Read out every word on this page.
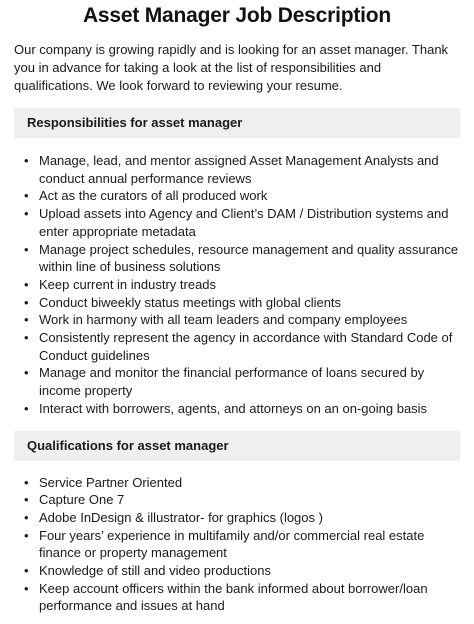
Asset Manager Job Description

Our company is growing rapidly and is looking for an asset manager. Thank you in advance for taking a look at the list of responsibilities and qualifications. We look forward to reviewing your resume.

Responsibilities for asset manager
• Manage, lead, and mentor assigned Asset Management Analysts and conduct annual performance reviews
• Act as the curators of all produced work
• Upload assets into Agency and Client’s DAM / Distribution systems and enter appropriate metadata
• Manage project schedules, resource management and quality assurance within line of business solutions
• Keep current in industry treads
• Conduct biweekly status meetings with global clients
• Work in harmony with all team leaders and company employees
• Consistently represent the agency in accordance with Standard Code of Conduct guidelines
• Manage and monitor the financial performance of loans secured by income property
• Interact with borrowers, agents, and attorneys on an on-going basis
Qualifications for asset manager
• Service Partner Oriented
• Capture One 7
• Adobe InDesign & illustrator- for graphics (logos )
• Four years’ experience in multifamily and/or commercial real estate finance or property management
• Knowledge of still and video productions
• Keep account officers within the bank informed about borrower/loan performance and issues at hand
